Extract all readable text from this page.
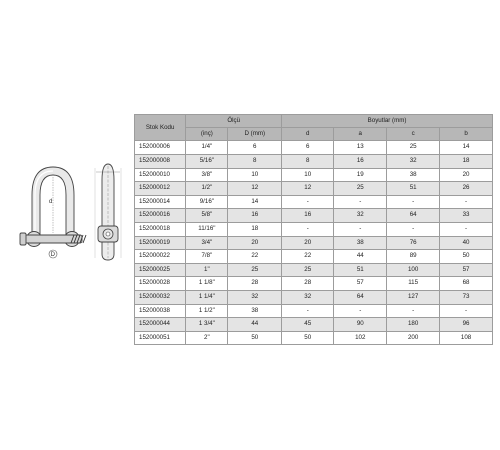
d
D
Stok Kodu	Ölçü		Boyutlar (mm)			
	(inç)	D (mm)	d	a	c	b
152000006	1/4"	6	6	13	25	14
152000008	5/16"	8	8	16	32	18
152000010	3/8"	10	10	19	38	20
152000012	1/2"	12	12	25	51	26
152000014	9/16"	14	-	-	-	-
152000016	5/8"	16	16	32	64	33
152000018	11/16"	18	-	-	-	-
152000019	3/4"	20	20	38	76	40
152000022	7/8"	22	22	44	89	50
152000025	1"	25	25	51	100	57
152000028	1 1/8"	28	28	57	115	68
152000032	1 1/4"	32	32	64	127	73
152000038	1 1/2"	38	-	-	-	-
152000044	1 3/4"	44	45	90	180	96
152000051	2"	50	50	102	200	108
